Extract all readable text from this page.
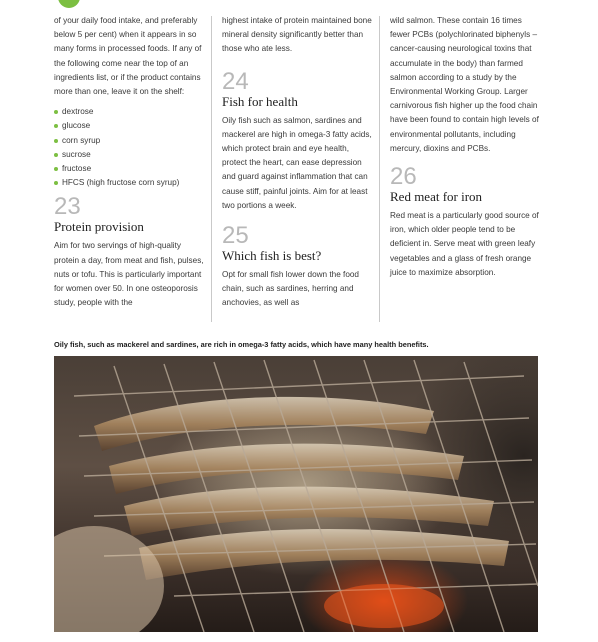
of your daily food intake, and preferably below 5 per cent) when it appears in so many forms in processed foods. If any of the following come near the top of an ingredients list, or if the product contains more than one, leave it on the shelf:

dextrose
glucose
corn syrup
sucrose
fructose
HFCS (high fructose corn syrup)
23
Protein provision

Aim for two servings of high-quality protein a day, from meat and fish, pulses, nuts or tofu. This is particularly important for women over 50. In one osteoporosis study, people with the

highest intake of protein maintained bone mineral density significantly better than those who ate less.

24
Fish for health

Oily fish such as salmon, sardines and mackerel are high in omega-3 fatty acids, which protect brain and eye health, protect the heart, can ease depression and guard against inflammation that can cause stiff, painful joints. Aim for at least two portions a week.

25
Which fish is best?

Opt for small fish lower down the food chain, such as sardines, herring and anchovies, as well as

wild salmon. These contain 16 times fewer PCBs (polychlorinated biphenyls – cancer-causing neurological toxins that accumulate in the body) than farmed salmon according to a study by the Environmental Working Group. Larger carnivorous fish higher up the food chain have been found to contain high levels of environmental pollutants, including mercury, dioxins and PCBs.

26
Red meat for iron

Red meat is a particularly good source of iron, which older people tend to be deficient in. Serve meat with green leafy vegetables and a glass of fresh orange juice to maximize absorption.

Oily fish, such as mackerel and sardines, are rich in omega-3 fatty acids, which have many health benefits.
